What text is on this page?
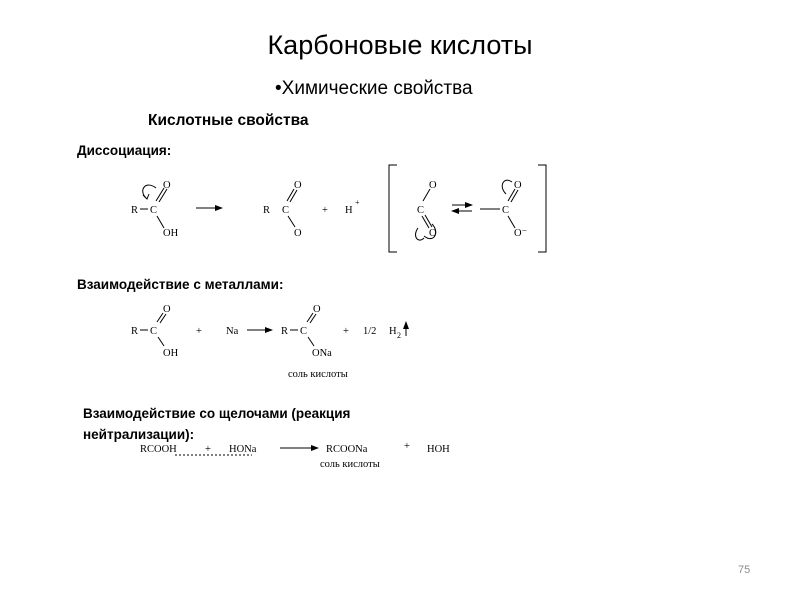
Карбоновые кислоты
•Химические свойства
Кислотные свойства
Диссоциация:
Взаимодействие с металлами:
Взаимодействие со щелочами (реакция нейтрализации):
R C
O
OH
R C
O
O
+ H
+
C
O
O
C
O
O⁻
R C
O
OH
+ Na	R C
O
ONa
+ 1/2 H 2
соль кислоты
RCOOH	+ HONa	RCOONa	+ HOH
соль кислоты
75
